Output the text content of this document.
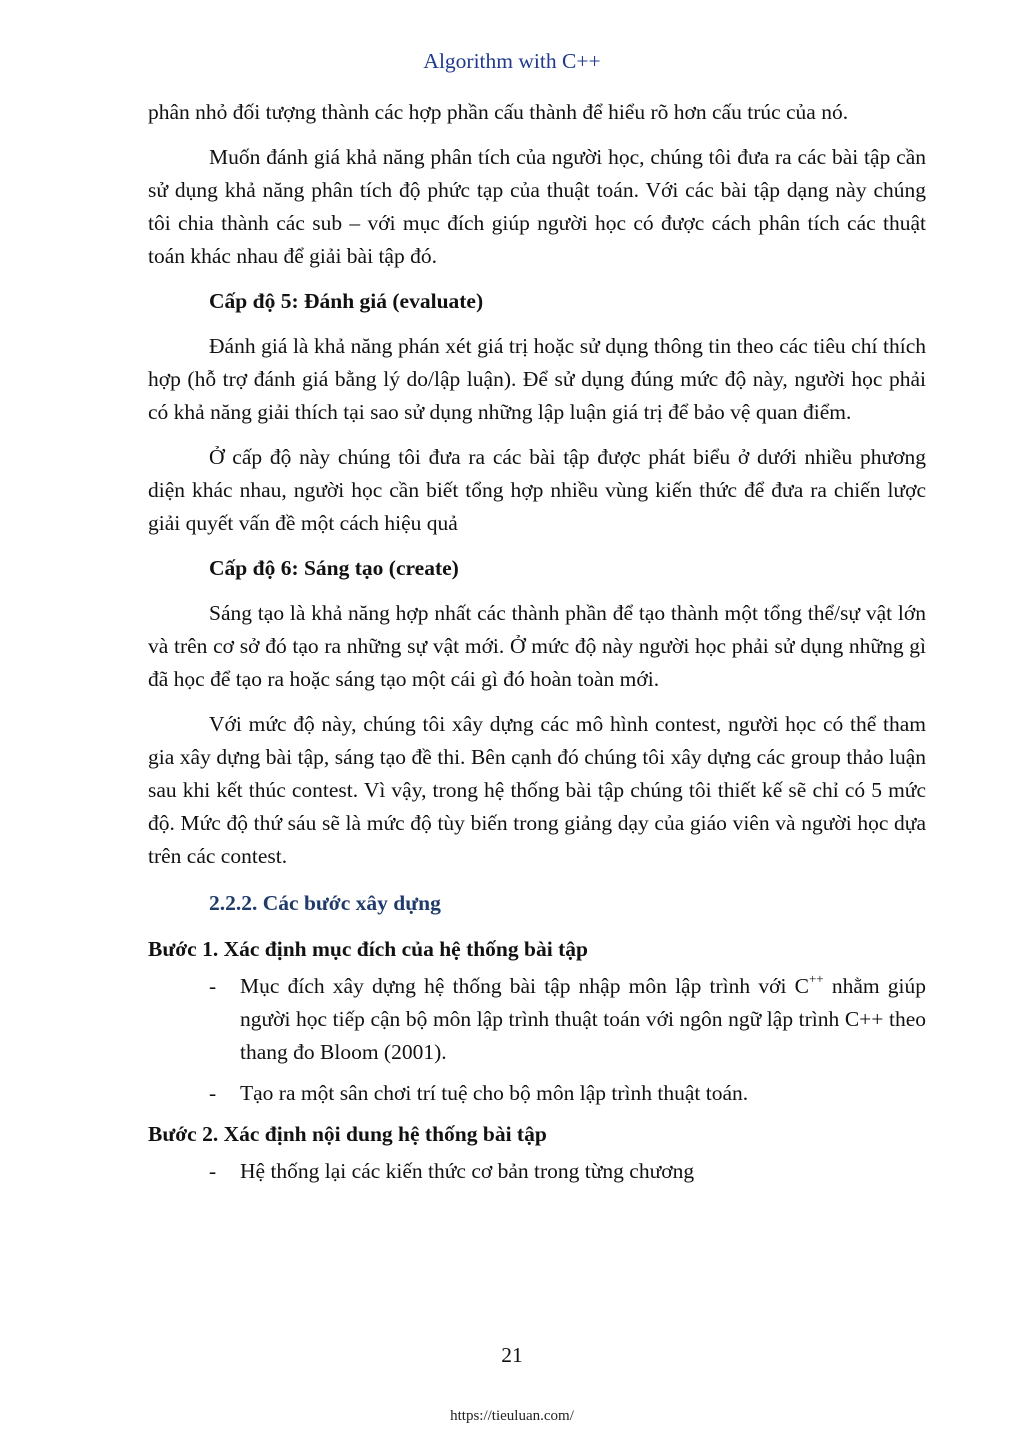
Algorithm with C++

phân nhỏ đối tượng thành các hợp phần cấu thành để hiểu rõ hơn cấu trúc của nó.

Muốn đánh giá khả năng phân tích của người học, chúng tôi đưa ra các bài tập cần sử dụng khả năng phân tích độ phức tạp của thuật toán. Với các bài tập dạng này chúng tôi chia thành các sub – với mục đích giúp người học có được cách phân tích các thuật toán khác nhau để giải bài tập đó.

Cấp độ 5: Đánh giá (evaluate)

Đánh giá là khả năng phán xét giá trị hoặc sử dụng thông tin theo các tiêu chí thích hợp (hỗ trợ đánh giá bằng lý do/lập luận). Để sử dụng đúng mức độ này, người học phải có khả năng giải thích tại sao sử dụng những lập luận giá trị để bảo vệ quan điểm.

Ở cấp độ này chúng tôi đưa ra các bài tập được phát biểu ở dưới nhiều phương diện khác nhau, người học cần biết tổng hợp nhiều vùng kiến thức để đưa ra chiến lược giải quyết vấn đề một cách hiệu quả

Cấp độ 6: Sáng tạo (create)

Sáng tạo là khả năng hợp nhất các thành phần để tạo thành một tổng thể/sự vật lớn và trên cơ sở đó tạo ra những sự vật mới. Ở mức độ này người học phải sử dụng những gì đã học để tạo ra hoặc sáng tạo một cái gì đó hoàn toàn mới.

Với mức độ này, chúng tôi xây dựng các mô hình contest, người học có thể tham gia xây dựng bài tập, sáng tạo đề thi. Bên cạnh đó chúng tôi xây dựng các group thảo luận sau khi kết thúc contest. Vì vậy, trong hệ thống bài tập chúng tôi thiết kế sẽ chỉ có 5 mức độ. Mức độ thứ sáu sẽ là mức độ tùy biến trong giảng dạy của giáo viên và người học dựa trên các contest.

2.2.2. Các bước xây dựng
Bước 1. Xác định mục đích của hệ thống bài tập
- Mục đích xây dựng hệ thống bài tập nhập môn lập trình với C++ nhằm giúp người học tiếp cận bộ môn lập trình thuật toán với ngôn ngữ lập trình C++ theo thang đo Bloom (2001).
- Tạo ra một sân chơi trí tuệ cho bộ môn lập trình thuật toán.
Bước 2. Xác định nội dung hệ thống bài tập
- Hệ thống lại các kiến thức cơ bản trong từng chương
21
https://tieuluan.com/
